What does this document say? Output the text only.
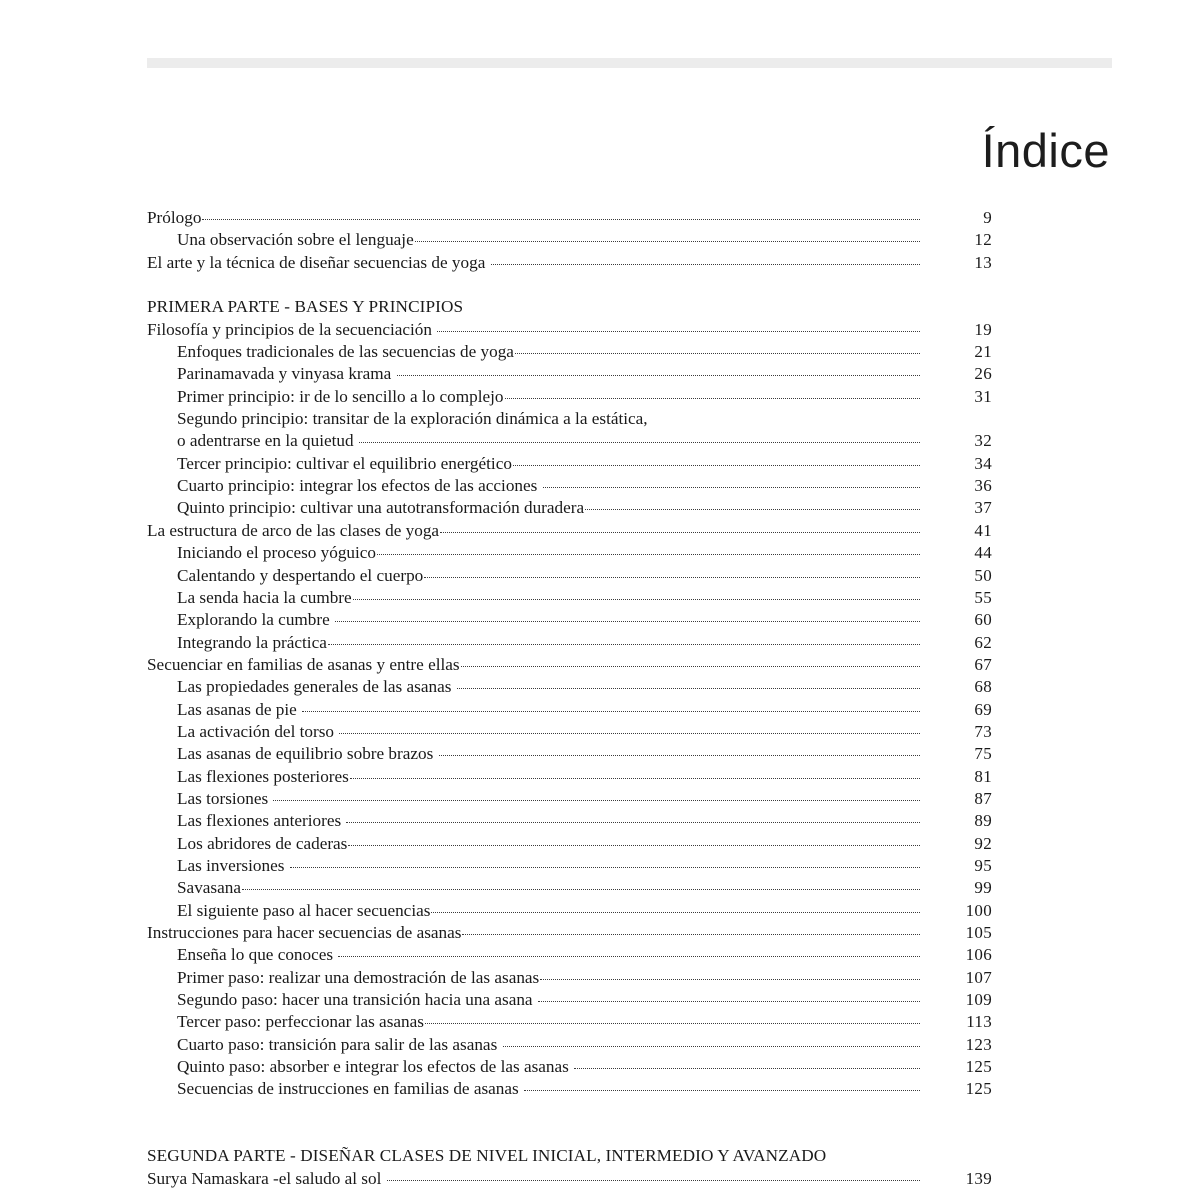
Índice
Prólogo	9
Una observación sobre el lenguaje	12
El arte y la técnica de diseñar secuencias de yoga	13
PRIMERA PARTE - BASES Y PRINCIPIOS
Filosofía y principios de la secuenciación	19
Enfoques tradicionales de las secuencias de yoga	21
Parinamavada y vinyasa krama	26
Primer principio: ir de lo sencillo a lo complejo	31
Segundo principio: transitar de la exploración dinámica a la estática,
o adentrarse en la quietud	32
Tercer principio: cultivar el equilibrio energético	34
Cuarto principio: integrar los efectos de las acciones	36
Quinto principio: cultivar una autotransformación duradera	37
La estructura de arco de las clases de yoga	41
Iniciando el proceso yóguico	44
Calentando y despertando el cuerpo	50
La senda hacia la cumbre	55
Explorando la cumbre	60
Integrando la práctica	62
Secuenciar en familias de asanas y entre ellas	67
Las propiedades generales de las asanas	68
Las asanas de pie	69
La activación del torso	73
Las asanas de equilibrio sobre brazos	75
Las flexiones posteriores	81
Las torsiones	87
Las flexiones anteriores	89
Los abridores de caderas	92
Las inversiones	95
Savasana	99
El siguiente paso al hacer secuencias	100
Instrucciones para hacer secuencias de asanas	105
Enseña lo que conoces	106
Primer paso: realizar una demostración de las asanas	107
Segundo paso: hacer una transición hacia una asana	109
Tercer paso: perfeccionar las asanas	113
Cuarto paso: transición para salir de las asanas	123
Quinto paso: absorber e integrar los efectos de las asanas	125
Secuencias de instrucciones en familias de asanas	125
SEGUNDA PARTE - DISEÑAR CLASES DE NIVEL INICIAL, INTERMEDIO Y AVANZADO
Surya Namaskara -el saludo al sol	139
